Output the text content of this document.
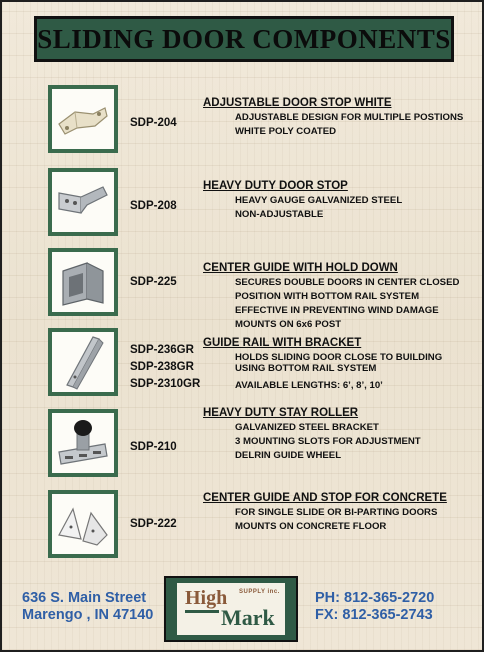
SLIDING DOOR COMPONENTS
SDP-204
ADJUSTABLE DOOR STOP WHITE
ADJUSTABLE DESIGN FOR MULTIPLE POSTIONS
WHITE POLY COATED
SDP-208
HEAVY DUTY DOOR STOP
HEAVY GAUGE GALVANIZED STEEL
NON-ADJUSTABLE
SDP-225
CENTER GUIDE WITH HOLD DOWN
SECURES DOUBLE DOORS IN CENTER CLOSED
POSITION WITH BOTTOM RAIL SYSTEM
EFFECTIVE IN PREVENTING WIND DAMAGE
MOUNTS ON 6x6 POST
SDP-236GR
SDP-238GR
SDP-2310GR
GUIDE RAIL WITH BRACKET
HOLDS SLIDING DOOR CLOSE TO BUILDING
USING BOTTOM RAIL SYSTEM
AVAILABLE LENGTHS: 6’, 8’, 10’
SDP-210
HEAVY DUTY STAY ROLLER
GALVANIZED STEEL BRACKET
3 MOUNTING SLOTS FOR ADJUSTMENT
DELRIN GUIDE WHEEL
SDP-222
CENTER GUIDE AND STOP FOR CONCRETE
FOR SINGLE SLIDE OR BI-PARTING DOORS
MOUNTS ON CONCRETE FLOOR
636 S. Main Street
Marengo , IN 47140
High SUPPLY inc.
Mark
PH: 812-365-2720
FX: 812-365-2743
